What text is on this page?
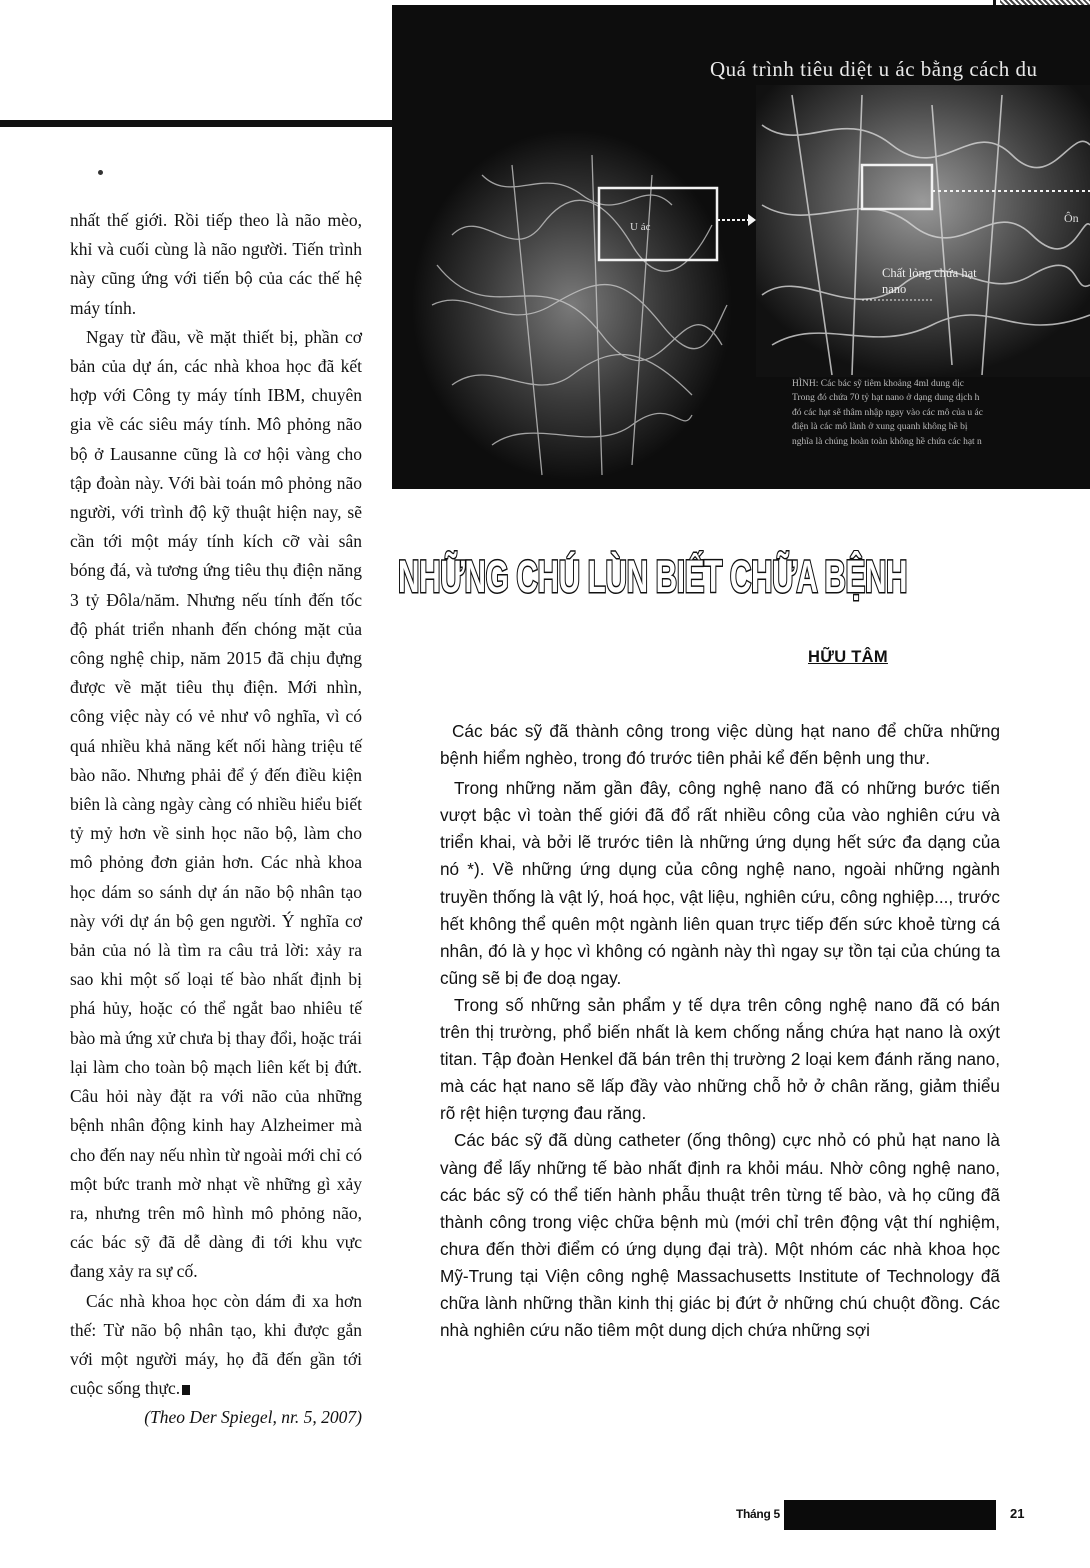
nhất thế giới. Rồi tiếp theo là não mèo, khỉ và cuối cùng là não người. Tiến trình này cũng ứng với tiến bộ của các thế hệ máy tính.

Ngay từ đầu, về mặt thiết bị, phần cơ bản của dự án, các nhà khoa học đã kết hợp với Công ty máy tính IBM, chuyên gia về các siêu máy tính. Mô phỏng não bộ ở Lausanne cũng là cơ hội vàng cho tập đoàn này. Với bài toán mô phỏng não người, với trình độ kỹ thuật hiện nay, sẽ cần tới một máy tính kích cỡ vài sân bóng đá, và tương ứng tiêu thụ điện năng 3 tỷ Đôla/năm. Nhưng nếu tính đến tốc độ phát triển nhanh đến chóng mặt của công nghệ chip, năm 2015 đã chịu đựng được về mặt tiêu thụ điện. Mới nhìn, công việc này có vẻ như vô nghĩa, vì có quá nhiều khả năng kết nối hàng triệu tế bào não. Nhưng phải để ý đến điều kiện biên là càng ngày càng có nhiều hiểu biết tỷ mỷ hơn về sinh học não bộ, làm cho mô phỏng đơn giản hơn. Các nhà khoa học dám so sánh dự án não bộ nhân tạo này với dự án bộ gen người. Ý nghĩa cơ bản của nó là tìm ra câu trả lời: xảy ra sao khi một số loại tế bào nhất định bị phá hủy, hoặc có thể ngắt bao nhiêu tế bào mà ứng xử chưa bị thay đổi, hoặc trái lại làm cho toàn bộ mạch liên kết bị đứt. Câu hỏi này đặt ra với não của những bệnh nhân động kinh hay Alzheimer mà cho đến nay nếu nhìn từ ngoài mới chỉ có một bức tranh mờ nhạt về những gì xảy ra, nhưng trên mô hình mô phỏng não, các bác sỹ đã dễ dàng đi tới khu vực đang xảy ra sự cố.

Các nhà khoa học còn dám đi xa hơn thế: Từ não bộ nhân tạo, khi được gắn với một người máy, họ đã đến gần tới cuộc sống thực.

(Theo Der Spiegel, nr. 5, 2007)

Quá trình tiêu diệt u ác bằng cách du
U ác
Chất lỏng chứa hạt nano
Ôn
HÌNH: Các bác sỹ tiêm khoảng 4ml dung dịc
Trong đó chứa 70 tỷ hạt nano ở dạng dung dịch h
đó các hạt sẽ thâm nhập ngay vào các mô của u ác
điện là các mô lành ở xung quanh không hề bị
nghĩa là chúng hoàn toàn không hề chứa các hạt n
NHỮNG CHÚ LÙN BIẾT CHỮA BỆNH
HỮU TÂM

Các bác sỹ đã thành công trong việc dùng hạt nano để chữa những bệnh hiểm nghèo, trong đó trước tiên phải kể đến bệnh ung thư.

Trong những năm gần đây, công nghệ nano đã có những bước tiến vượt bậc vì toàn thế giới đã đổ rất nhiều công của vào nghiên cứu và triển khai, và bởi lẽ trước tiên là những ứng dụng hết sức đa dạng của nó *). Về những ứng dụng của công nghệ nano, ngoài những ngành truyền thống là vật lý, hoá học, vật liệu, nghiên cứu, công nghiệp..., trước hết không thể quên một ngành liên quan trực tiếp đến sức khoẻ từng cá nhân, đó là y học vì không có ngành này thì ngay sự tồn tại của chúng ta cũng sẽ bị đe doạ ngay.

Trong số những sản phẩm y tế dựa trên công nghệ nano đã có bán trên thị trường, phổ biến nhất là kem chống nắng chứa hạt nano là oxýt titan. Tập đoàn Henkel đã bán trên thị trường 2 loại kem đánh răng nano, mà các hạt nano sẽ lấp đầy vào những chỗ hở ở chân răng, giảm thiểu rõ rệt hiện tượng đau răng.

Các bác sỹ đã dùng catheter (ống thông) cực nhỏ có phủ hạt nano là vàng để lấy những tế bào nhất định ra khỏi máu. Nhờ công nghệ nano, các bác sỹ có thể tiến hành phẫu thuật trên từng tế bào, và họ cũng đã thành công trong việc chữa bệnh mù (mới chỉ trên động vật thí nghiệm, chưa đến thời điểm có ứng dụng đại trà). Một nhóm các nhà khoa học Mỹ-Trung tại Viện công nghệ Massachusetts Institute of Technology đã chữa lành những thần kinh thị giác bị đứt ở những chú chuột đồng. Các nhà nghiên cứu não tiêm một dung dịch chứa những sợi

Tháng 5	21
